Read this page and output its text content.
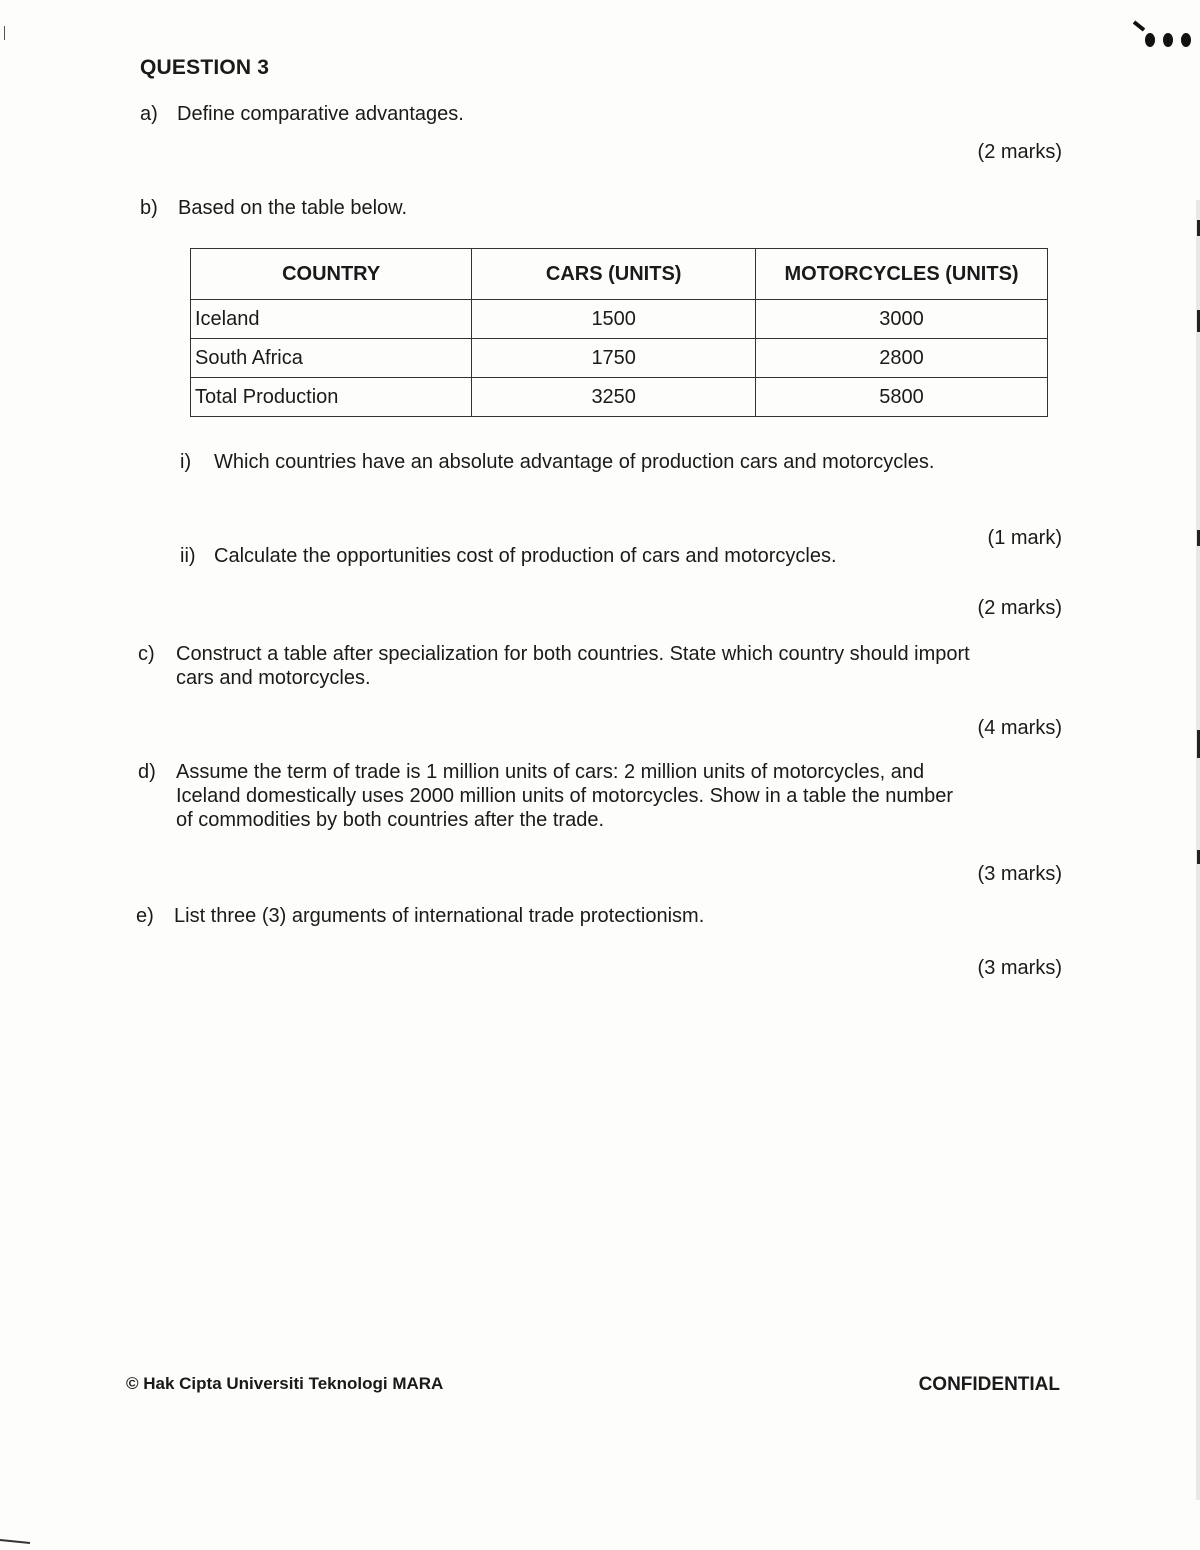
QUESTION 3
a) Define comparative advantages.
(2 marks)
b) Based on the table below.
COUNTRY	CARS (UNITS)	MOTORCYCLES (UNITS)
Iceland	1500	3000
South Africa	1750	2800
Total Production	3250	5800
i) Which countries have an absolute advantage of production cars and motorcycles.
(1 mark)
ii) Calculate the opportunities cost of production of cars and motorcycles.
(2 marks)
c) Construct a table after specialization for both countries. State which country should import
cars and motorcycles.
(4 marks)
d) Assume the term of trade is 1 million units of cars: 2 million units of motorcycles, and
Iceland domestically uses 2000 million units of motorcycles. Show in a table the number
of commodities by both countries after the trade.
(3 marks)
e) List three (3) arguments of international trade protectionism.
(3 marks)
© Hak Cipta Universiti Teknologi MARA	CONFIDENTIAL
